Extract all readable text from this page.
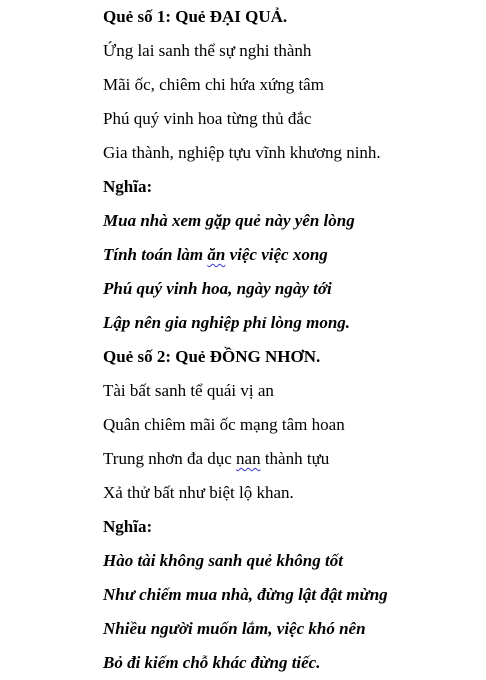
Quẻ số 1: Quẻ ĐẠI QUẢ.
Ứng lai sanh thể sự nghi thành
Mãi ốc, chiêm chi hứa xứng tâm
Phú quý vinh hoa từng thủ đắc
Gia thành, nghiệp tựu vĩnh khương ninh.
Nghĩa:
Mua nhà xem gặp quẻ này yên lòng
Tính toán làm ăn việc việc xong
Phú quý vinh hoa, ngày ngày tới
Lập nên gia nghiệp phỉ lòng mong.
Quẻ số 2: Quẻ ĐỒNG NHƠN.
Tài bất sanh tể quái vị an
Quân chiêm mãi ốc mạng tâm hoan
Trung nhơn đa dục nan thành tựu
Xả thử bất như biệt lộ khan.
Nghĩa:
Hào tài không sanh quẻ không tốt
Như chiếm mua nhà, đừng lật đật mừng
Nhiều người muốn lắm, việc khó nên
Bỏ đi kiếm chỗ khác đừng tiếc.
